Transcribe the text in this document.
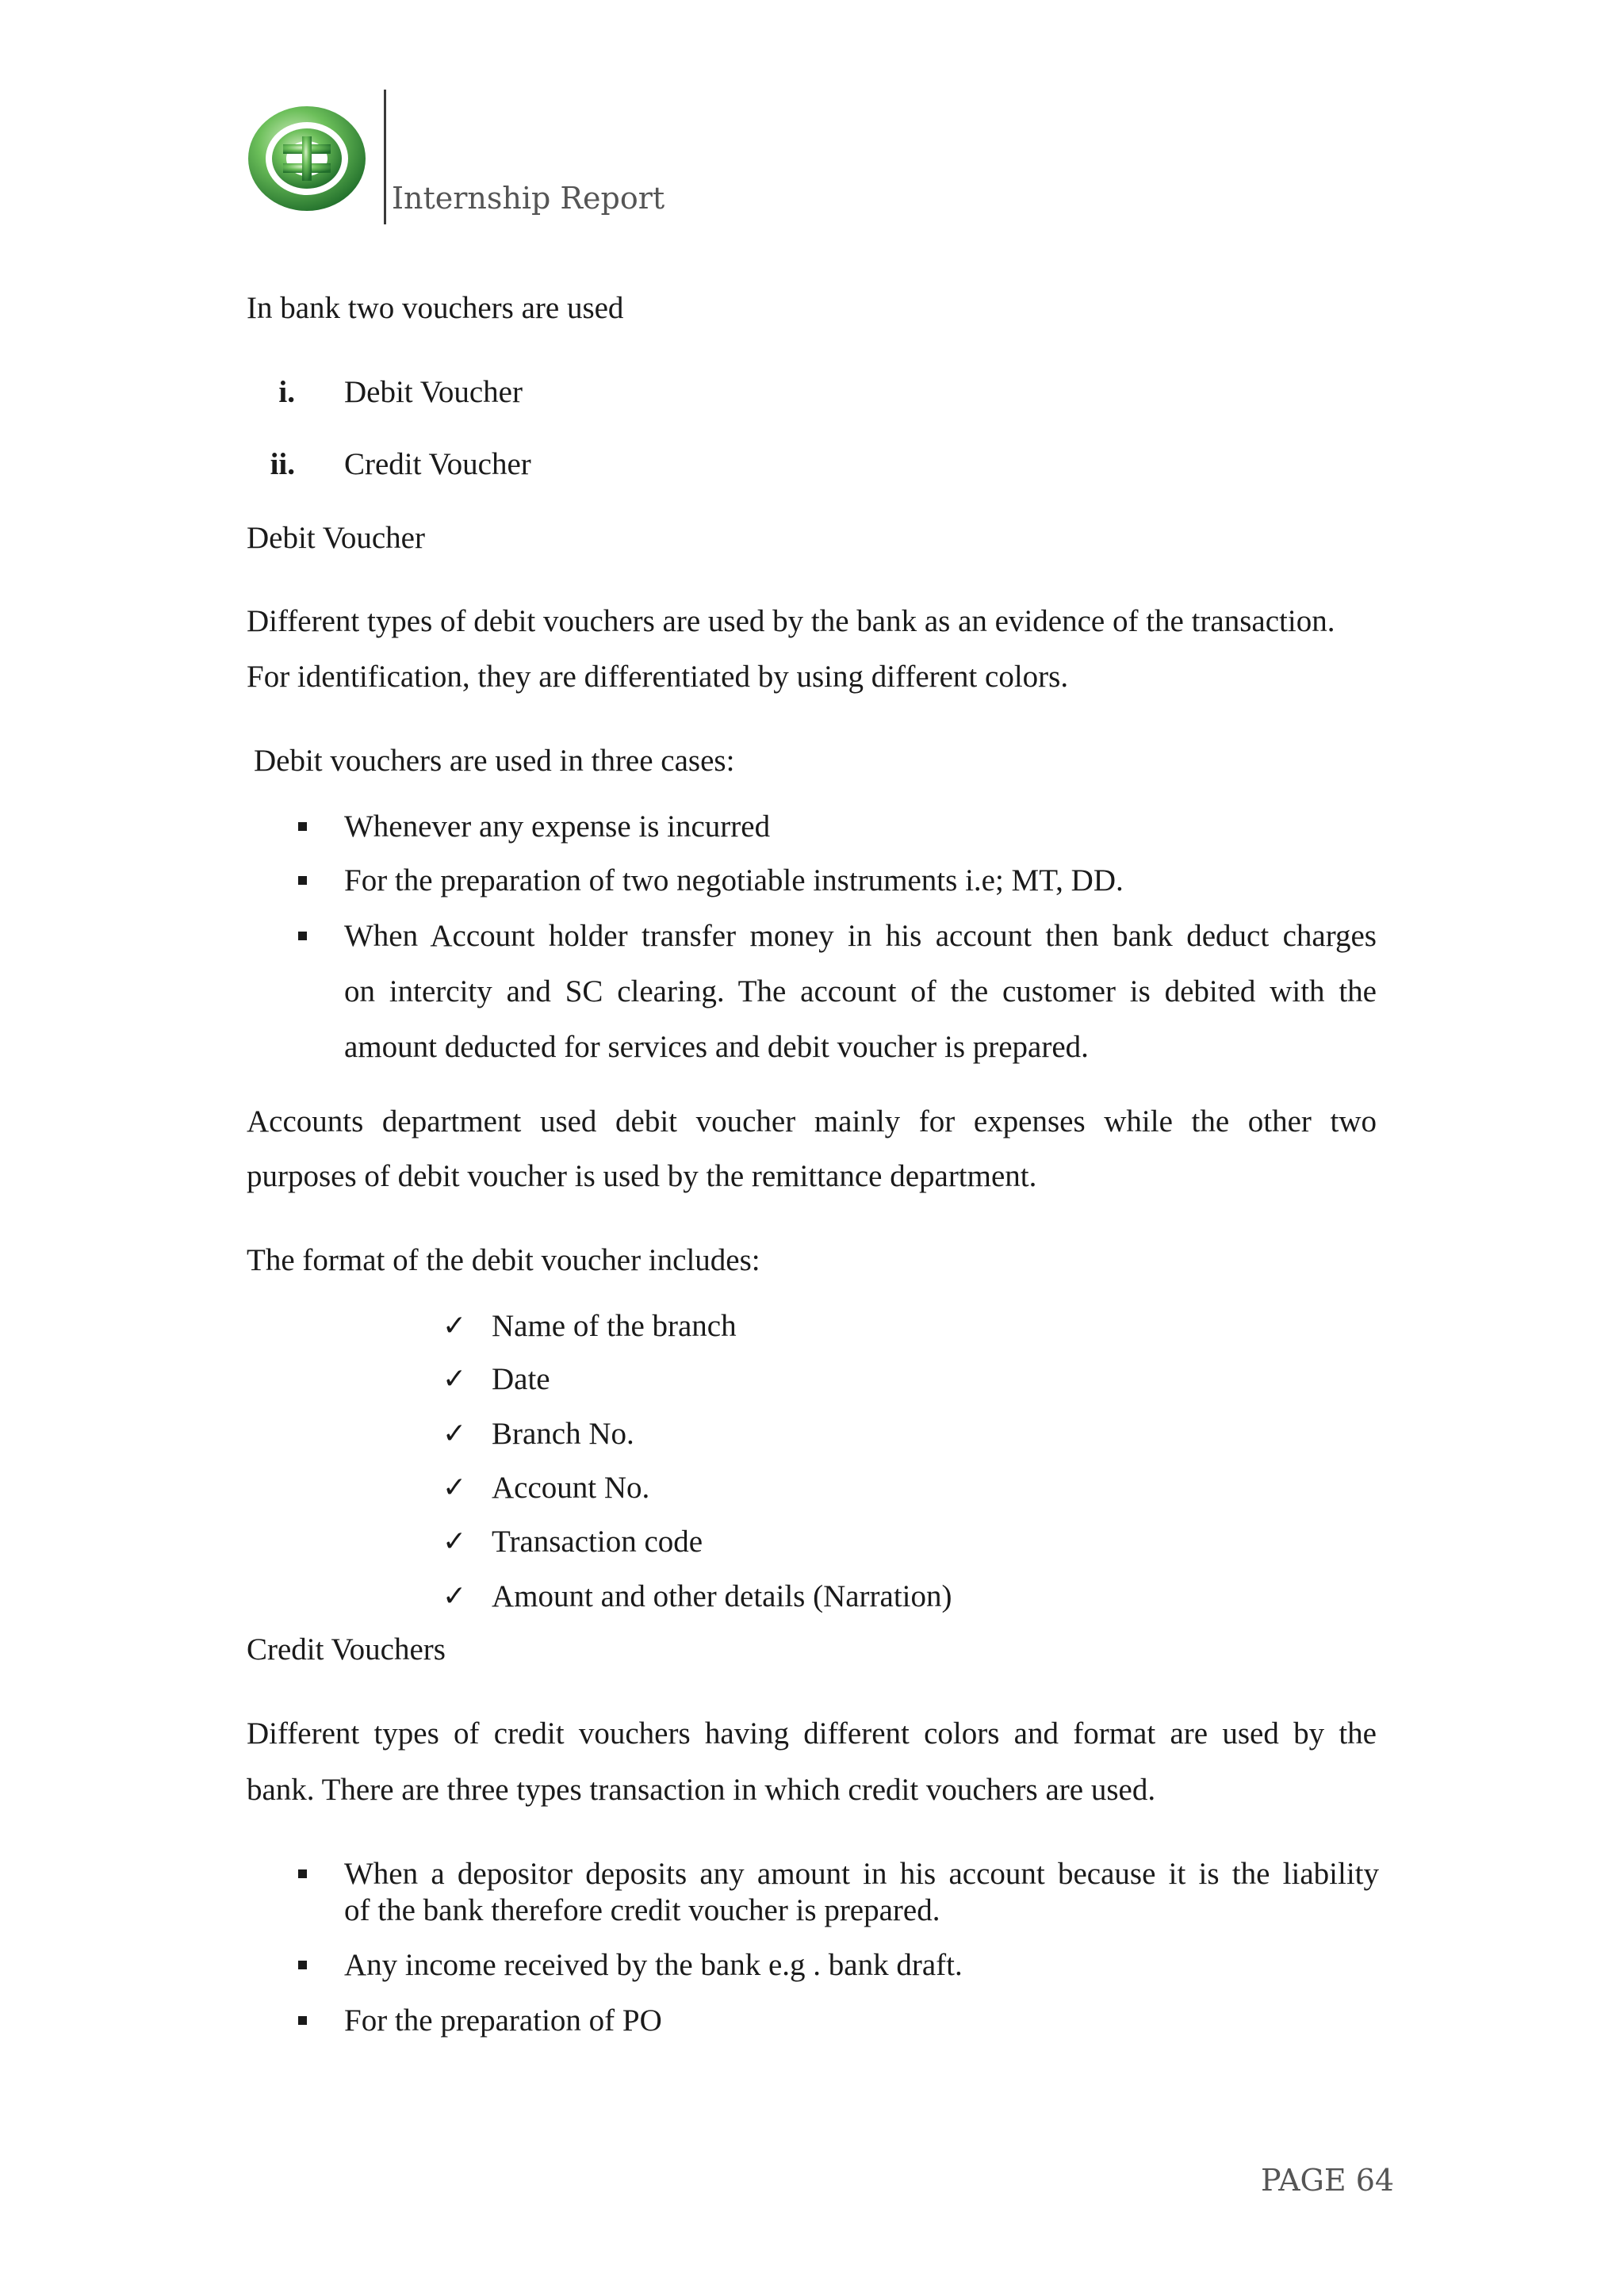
Internship Report
In bank two vouchers are used
i. Debit Voucher
ii. Credit Voucher
Debit Voucher
Different types of debit vouchers are used by the bank as an evidence of the transaction.
For identification, they are differentiated by using different colors.
Debit vouchers are used in three cases:
Whenever any expense is incurred
For the preparation of two negotiable instruments i.e; MT, DD.
When Account holder transfer money in his account then bank deduct charges
on intercity and SC clearing. The account of the customer is debited with the
amount deducted for services and debit voucher is prepared.
Accounts department used debit voucher mainly for expenses while the other two
purposes of debit voucher is used by the remittance department.
The format of the debit voucher includes:
✓ Name of the branch
✓ Date
✓ Branch No.
✓ Account No.
✓ Transaction code
✓ Amount and other details (Narration)
Credit Vouchers
Different types of credit vouchers having different colors and format are used by the
bank. There are three types transaction in which credit vouchers are used.
When a depositor deposits any amount in his account because it is the liability
of the bank therefore credit voucher is prepared.
Any income received by the bank e.g . bank draft.
For the preparation of PO
PAGE 64
